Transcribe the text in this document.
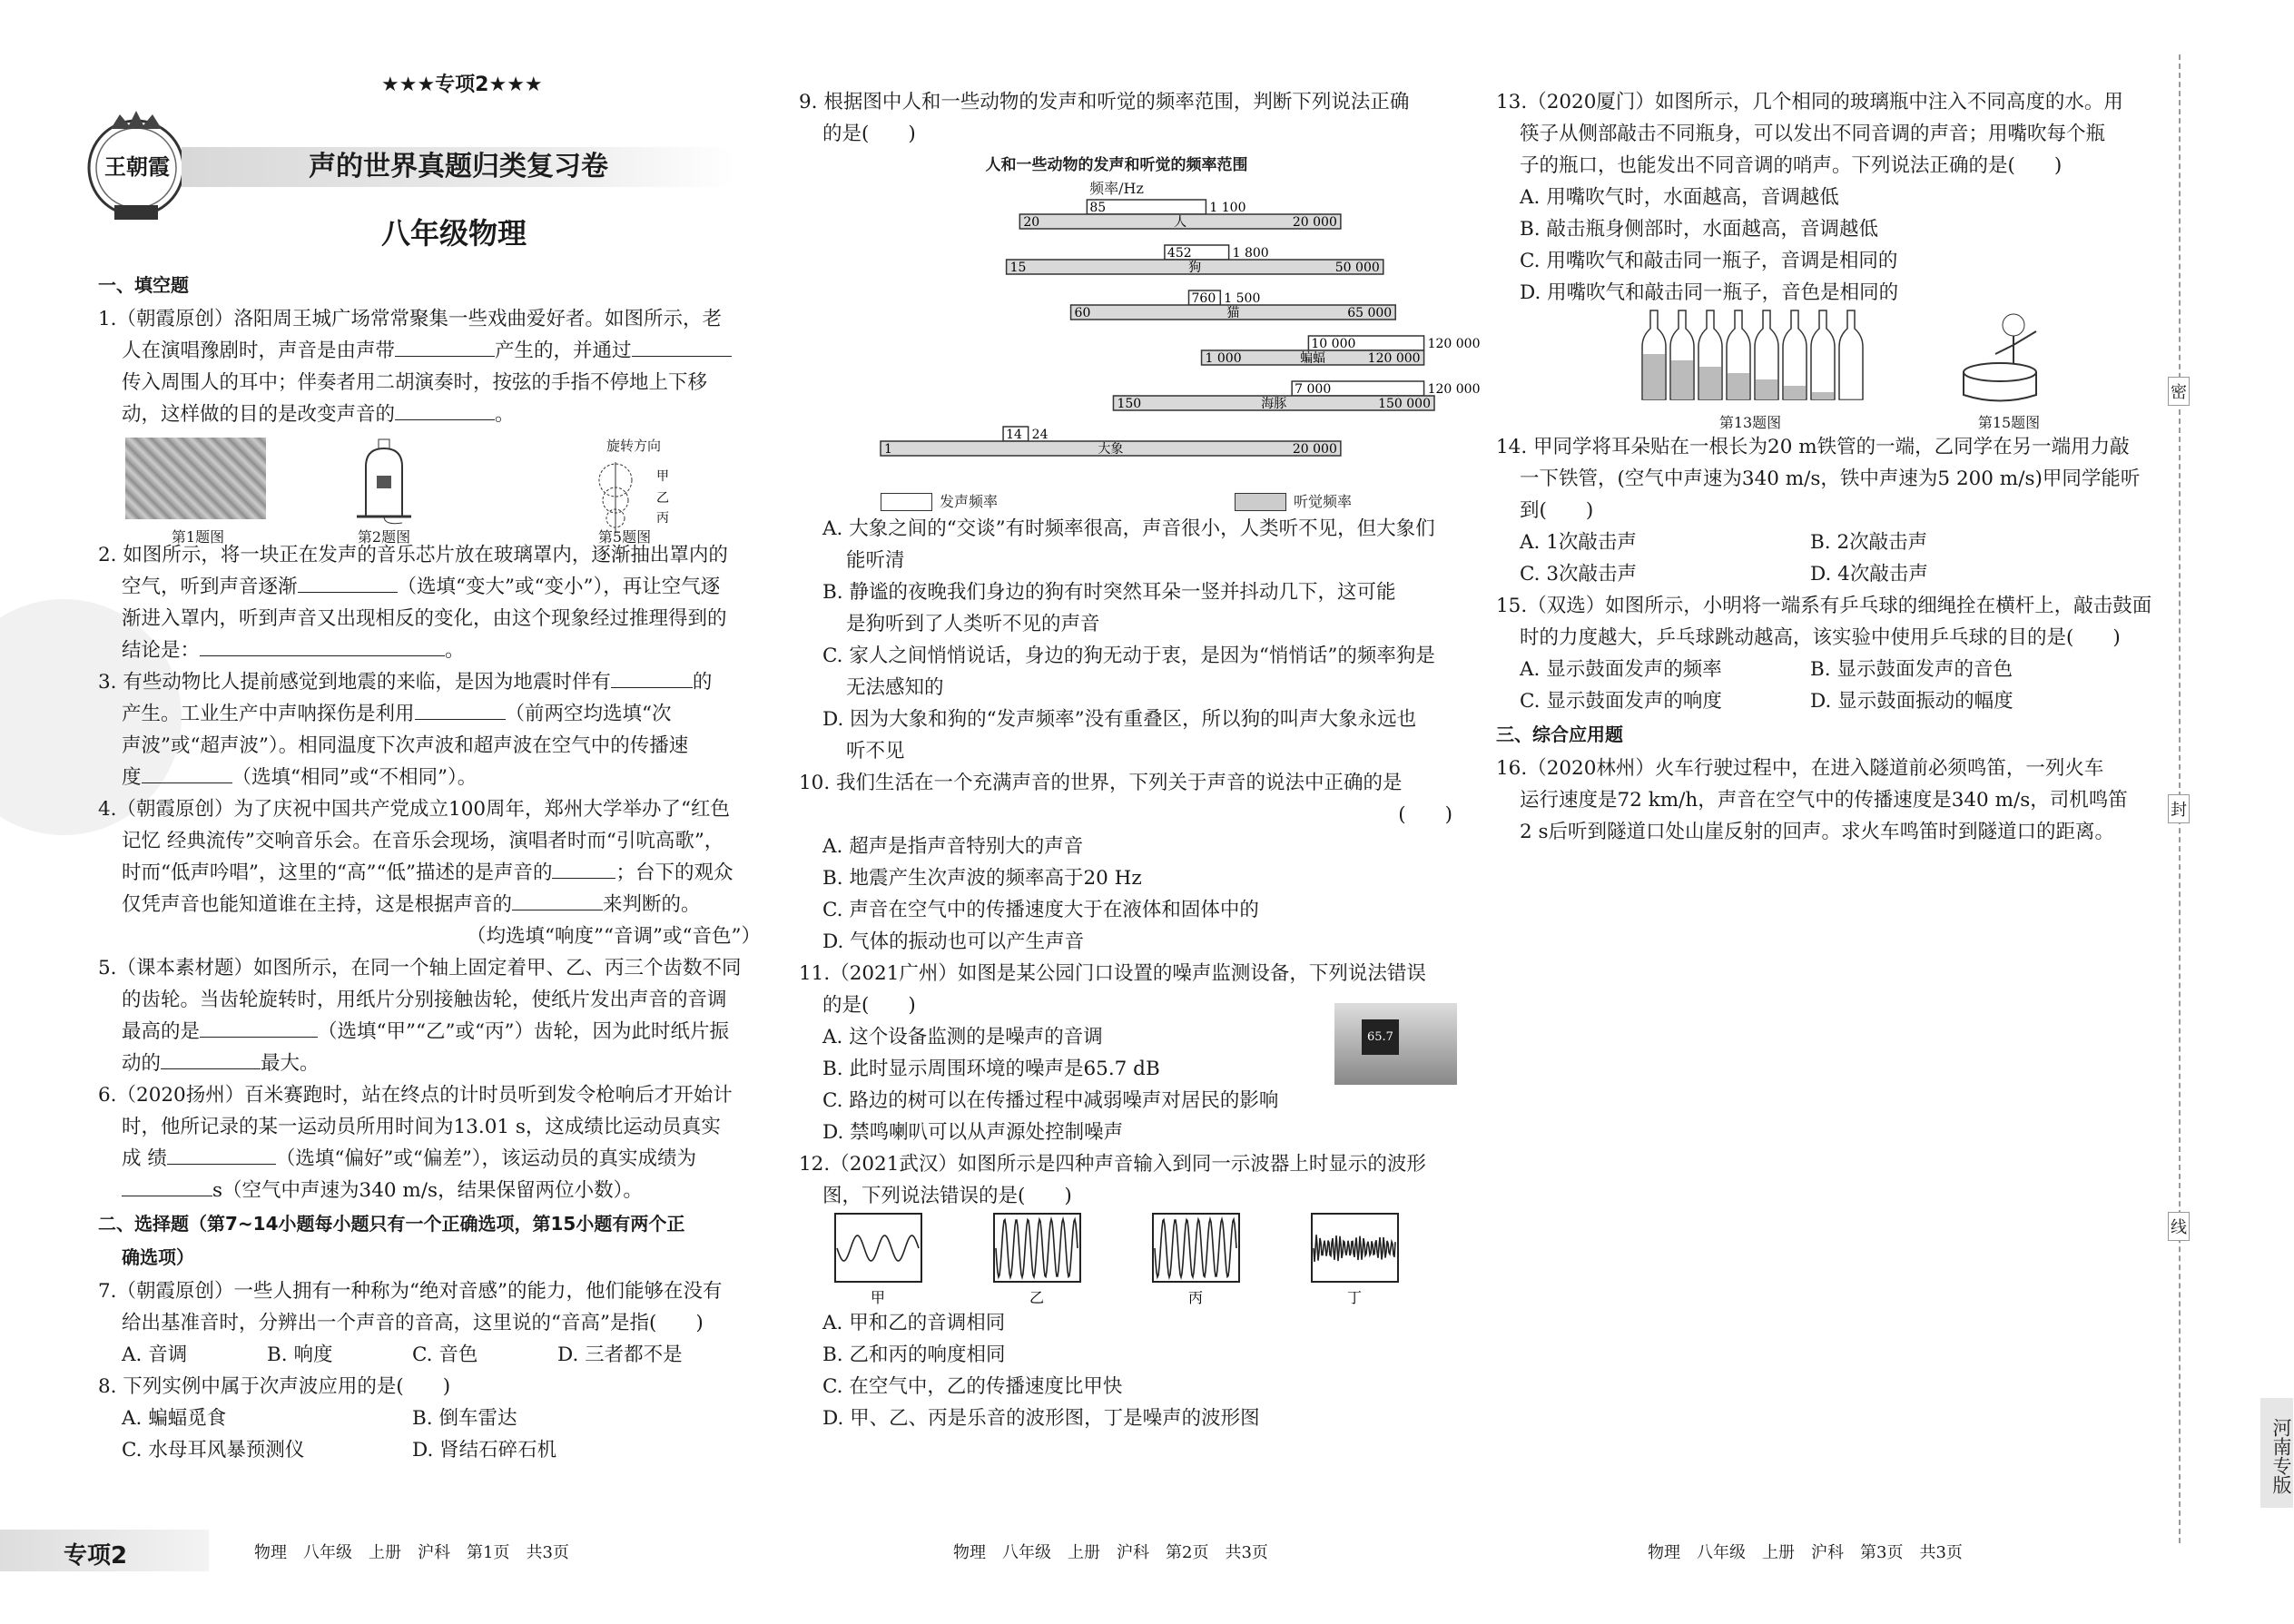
王朝霞
★★★专项2★★★
声的世界真题归类复习卷
八年级物理
一、填空题

1.（朝霞原创）洛阳周王城广场常常聚集一些戏曲爱好者。如图所示，老
人在演唱豫剧时，声音是由声带	产生的，并通过
传入周围人的耳中；伴奏者用二胡演奏时，按弦的手指不停地上下移
动，这样做的目的是改变声音的	。

旋转方向
甲
乙
丙
第1题图	第2题图	第5题图

2. 如图所示，将一块正在发声的音乐芯片放在玻璃罩内，逐渐抽出罩内的
空气，听到声音逐渐	（选填“变大”或“变小”），再让空气逐
渐进入罩内，听到声音又出现相反的变化，由这个现象经过推理得到的
结论是：	。

3. 有些动物比人提前感觉到地震的来临，是因为地震时伴有	的
产生。工业生产中声呐探伤是利用	（前两空均选填“次
声波”或“超声波”）。相同温度下次声波和超声波在空气中的传播速
度	（选填“相同”或“不相同”）。

4.（朝霞原创）为了庆祝中国共产党成立100周年，郑州大学举办了“红色
记忆 经典流传”交响音乐会。在音乐会现场，演唱者时而“引吭高歌”，
时而“低声吟唱”，这里的“高”“低”描述的是声音的	；台下的观众
仅凭声音也能知道谁在主持，这是根据声音的	来判断的。

（均选填“响度”“音调”或“音色”）

5.（课本素材题）如图所示，在同一个轴上固定着甲、乙、丙三个齿数不同
的齿轮。当齿轮旋转时，用纸片分别接触齿轮，使纸片发出声音的音调
最高的是	（选填“甲”“乙”或“丙”）齿轮，因为此时纸片振
动的	最大。

6.（2020扬州）百米赛跑时，站在终点的计时员听到发令枪响后才开始计
时，他所记录的某一运动员所用时间为13.01 s，这成绩比运动员真实
成 绩	（选填“偏好”或“偏差”），该运动员的真实成绩为
s（空气中声速为340 m/s，结果保留两位小数）。

二、选择题（第7~14小题每小题只有一个正确选项，第15小题有两个正
确选项）

7.（朝霞原创）一些人拥有一种称为“绝对音感”的能力，他们能够在没有
给出基准音时，分辨出一个声音的音高，这里说的“音高”是指(　　)

A. 音调	B. 响度	C. 音色	D. 三者都不是

8. 下列实例中属于次声波应用的是(　　)

A. 蝙蝠觅食	B. 倒车雷达
C. 水母耳风暴预测仪	D. 肾结石碎石机

9. 根据图中人和一些动物的发声和听觉的频率范围，判断下列说法正确
的是(　　)

人和一些动物的发声和听觉的频率范围
频率/Hz
85	1 100
20	20 000
人
452	1 800
15	50 000
狗
760 1 500
60	65 000
猫
10 000	120 000
1 000	120 000
蝙蝠
7 000	120 000
150	150 000
海豚
14 24
1	20 000
大象
发声频率	听觉频率

A. 大象之间的“交谈”有时频率很高，声音很小，人类听不见，但大象们

能听清

B. 静谧的夜晚我们身边的狗有时突然耳朵一竖并抖动几下，这可能

是狗听到了人类听不见的声音

C. 家人之间悄悄说话，身边的狗无动于衷，是因为“悄悄话”的频率狗是

无法感知的

D. 因为大象和狗的“发声频率”没有重叠区，所以狗的叫声大象永远也

听不见

10. 我们生活在一个充满声音的世界，下列关于声音的说法中正确的是

(　　)

A. 超声是指声音特别大的声音

B. 地震产生次声波的频率高于20 Hz

C. 声音在空气中的传播速度大于在液体和固体中的

D. 气体的振动也可以产生声音

11.（2021广州）如图是某公园门口设置的噪声监测设备，下列说法错误
的是(　　)

A. 这个设备监测的是噪声的音调

B. 此时显示周围环境的噪声是65.7 dB

C. 路边的树可以在传播过程中减弱噪声对居民的影响

D. 禁鸣喇叭可以从声源处控制噪声

65.7

12.（2021武汉）如图所示是四种声音输入到同一示波器上时显示的波形
图，下列说法错误的是(　　)

甲	乙	丙	丁

A. 甲和乙的音调相同

B. 乙和丙的响度相同

C. 在空气中，乙的传播速度比甲快

D. 甲、乙、丙是乐音的波形图，丁是噪声的波形图

13.（2020厦门）如图所示，几个相同的玻璃瓶中注入不同高度的水。用
筷子从侧部敲击不同瓶身，可以发出不同音调的声音；用嘴吹每个瓶
子的瓶口，也能发出不同音调的哨声。下列说法正确的是(　　)

A. 用嘴吹气时，水面越高，音调越低

B. 敲击瓶身侧部时，水面越高，音调越低

C. 用嘴吹气和敲击同一瓶子，音调是相同的

D. 用嘴吹气和敲击同一瓶子，音色是相同的

第13题图	第15题图

14. 甲同学将耳朵贴在一根长为20 m铁管的一端，乙同学在另一端用力敲
一下铁管，(空气中声速为340 m/s，铁中声速为5 200 m/s)甲同学能听
到(　　)

A. 1次敲击声	B. 2次敲击声
C. 3次敲击声	D. 4次敲击声

15.（双选）如图所示，小明将一端系有乒乓球的细绳拴在横杆上，敲击鼓面
时的力度越大，乒乓球跳动越高，该实验中使用乒乓球的目的是(　　)

A. 显示鼓面发声的频率	B. 显示鼓面发声的音色
C. 显示鼓面发声的响度	D. 显示鼓面振动的幅度
三、综合应用题

16.（2020林州）火车行驶过程中，在进入隧道前必须鸣笛，一列火车
运行速度是72 km/h，声音在空气中的传播速度是340 m/s，司机鸣笛
2 s后听到隧道口处山崖反射的回声。求火车鸣笛时到隧道口的距离。

密
封
线
河南专版
专项2	物理　八年级　上册　沪科　第1页　共3页	物理　八年级　上册　沪科　第2页　共3页	物理　八年级　上册　沪科　第3页　共3页
